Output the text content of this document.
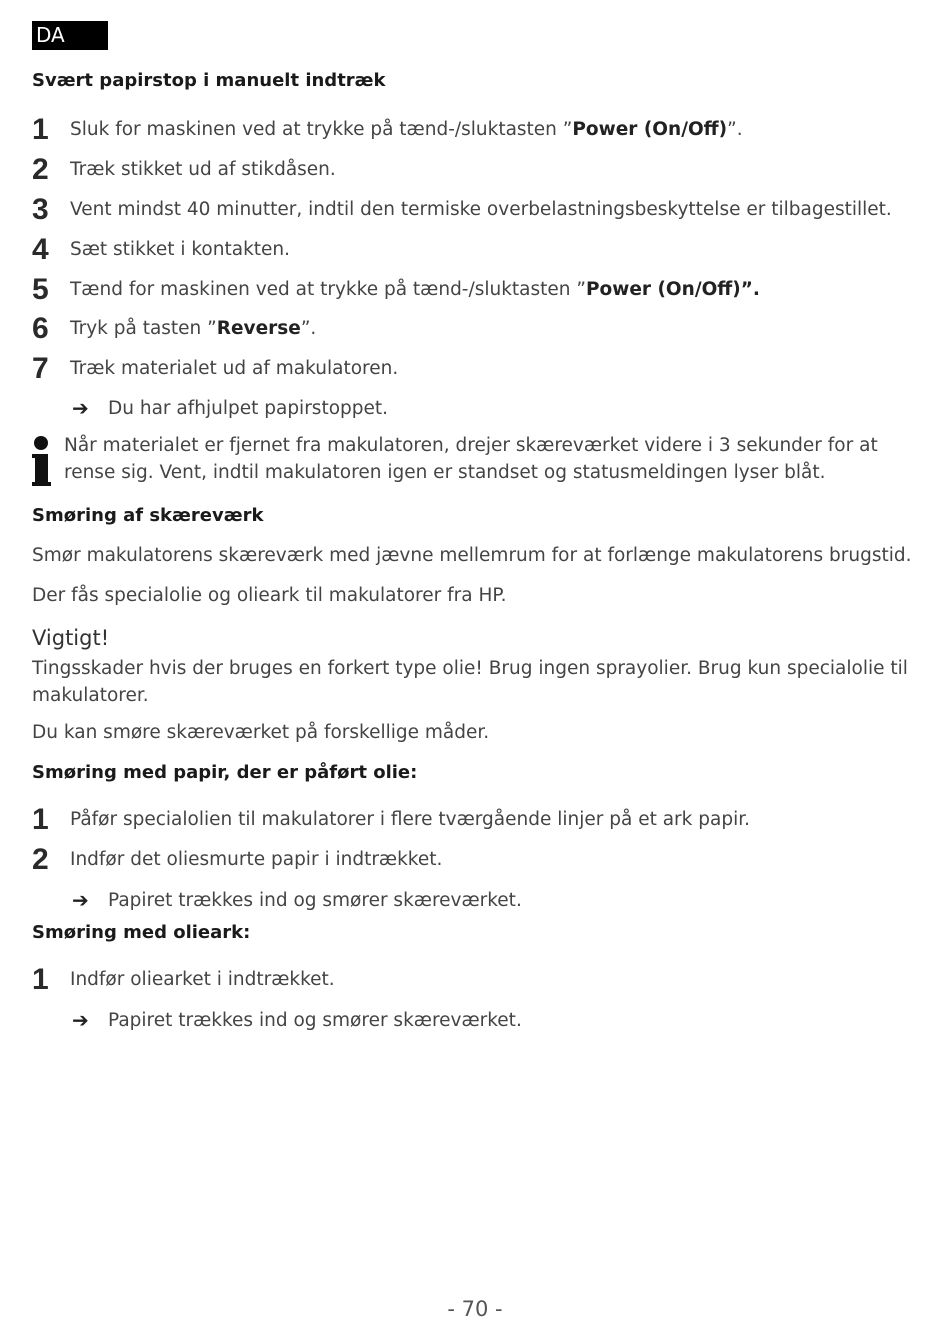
DA
Svært papirstop i manuelt indtræk
1 Sluk for maskinen ved at trykke på tænd-/sluktasten ”Power (On/Off)”.
2 Træk stikket ud af stikdåsen.
3 Vent mindst 40 minutter, indtil den termiske overbelastningsbeskyttelse er tilbagestillet.
4 Sæt stikket i kontakten.
5 Tænd for maskinen ved at trykke på tænd-/sluktasten ”Power (On/Off)”.
6 Tryk på tasten ”Reverse”.
7 Træk materialet ud af makulatoren.
➔ Du har afhjulpet papirstoppet.
Når materialet er fjernet fra makulatoren, drejer skæreværket videre i 3 sekunder for at rense sig. Vent, indtil makulatoren igen er standset og statusmeldingen lyser blåt.
Smøring af skæreværk
Smør makulatorens skæreværk med jævne mellemrum for at forlænge makulatorens brugstid.
Der fås specialolie og olieark til makulatorer fra HP.
Vigtigt!
Tingsskader hvis der bruges en forkert type olie! Brug ingen sprayolier. Brug kun specialolie til makulatorer.
Du kan smøre skæreværket på forskellige måder.
Smøring med papir, der er påført olie:
1 Påfør specialolien til makulatorer i flere tværgående linjer på et ark papir.
2 Indfør det oliesmurte papir i indtrækket.
➔ Papiret trækkes ind og smører skæreværket.
Smøring med olieark:
1 Indfør oliearket i indtrækket.
➔ Papiret trækkes ind og smører skæreværket.
- 70 -
